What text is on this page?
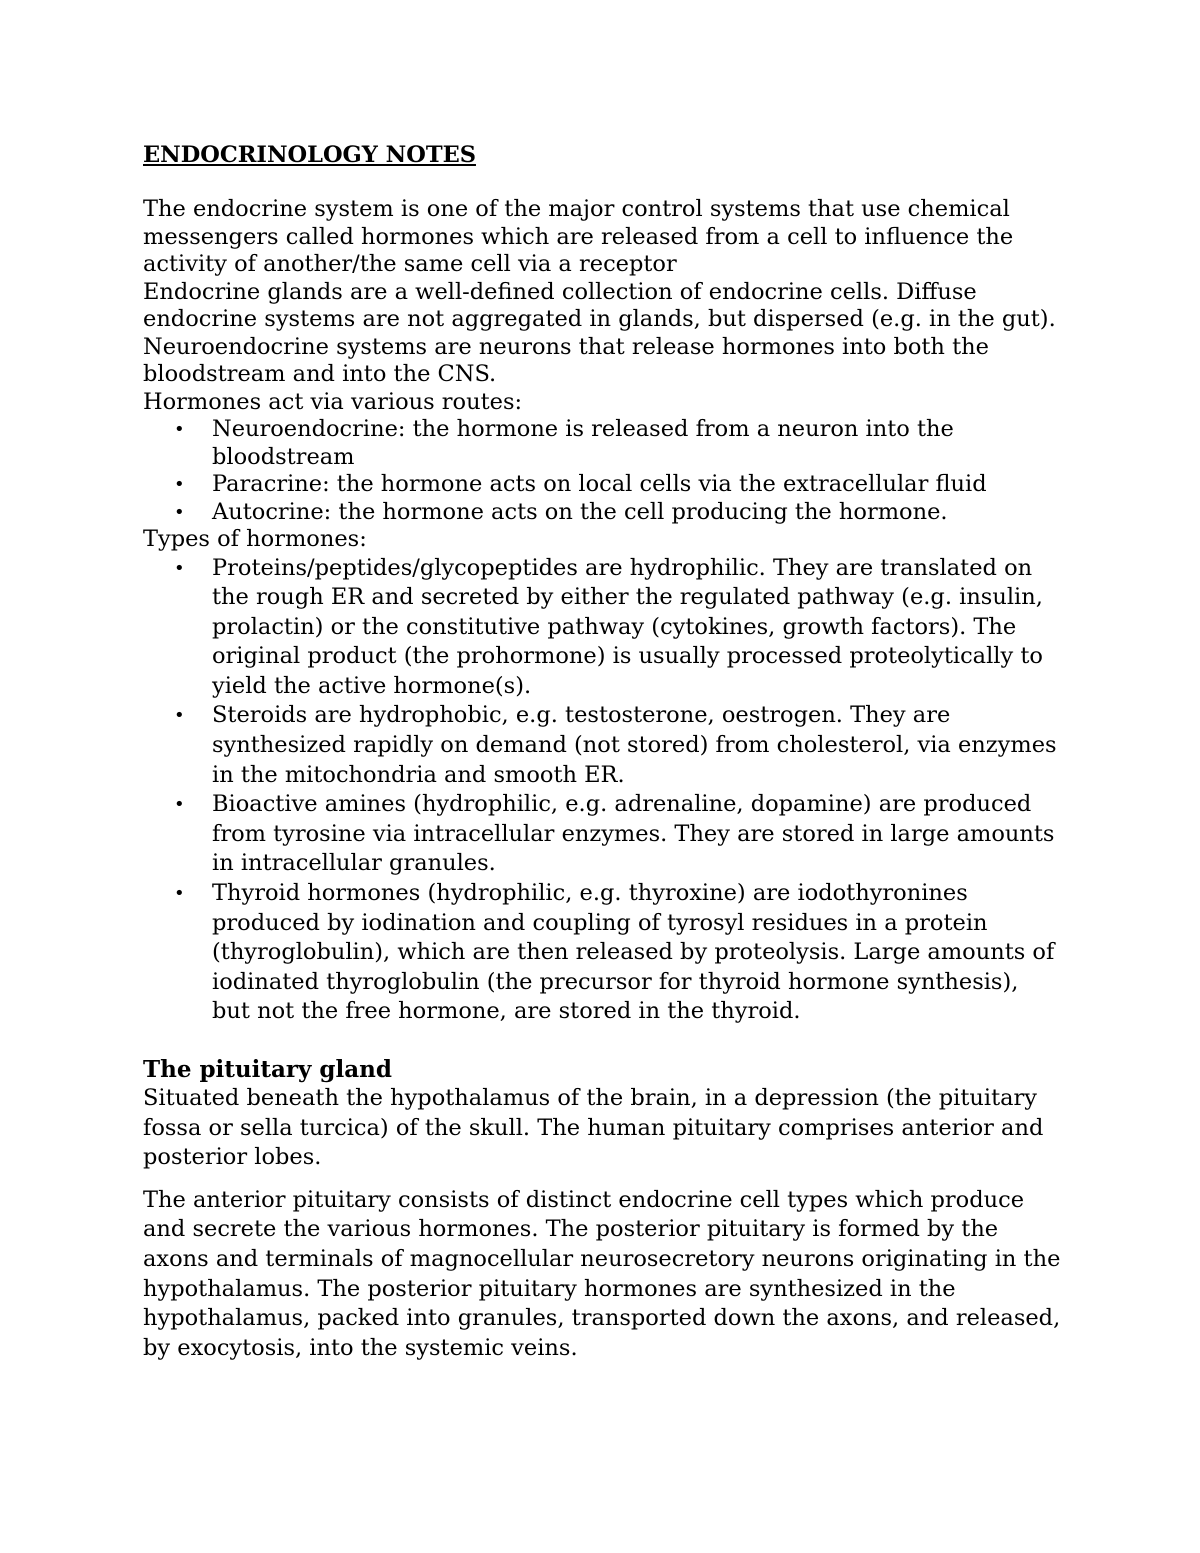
ENDOCRINOLOGY NOTES

The endocrine system is one of the major control systems that use chemical messengers called hormones which are released from a cell to influence the activity of another/the same cell via a receptor

Endocrine glands are a well-defined collection of endocrine cells. Diffuse endocrine systems are not aggregated in glands, but dispersed (e.g. in the gut). Neuroendocrine systems are neurons that release hormones into both the bloodstream and into the CNS.

Hormones act via various routes:

•	Neuroendocrine: the hormone is released from a neuron into the bloodstream
•	Paracrine: the hormone acts on local cells via the extracellular fluid
•	Autocrine: the hormone acts on the cell producing the hormone.

Types of hormones:

•	Proteins/peptides/glycopeptides are hydrophilic. They are translated on the rough ER and secreted by either the regulated pathway (e.g. insulin, prolactin) or the constitutive pathway (cytokines, growth factors). The original product (the prohormone) is usually processed proteolytically to yield the active hormone(s).
•	Steroids are hydrophobic, e.g. testosterone, oestrogen. They are synthesized rapidly on demand (not stored) from cholesterol, via enzymes in the mitochondria and smooth ER.
•	Bioactive amines (hydrophilic, e.g. adrenaline, dopamine) are produced from tyrosine via intracellular enzymes. They are stored in large amounts in intracellular granules.
•	Thyroid hormones (hydrophilic, e.g. thyroxine) are iodothyronines produced by iodination and coupling of tyrosyl residues in a protein (thyroglobulin), which are then released by proteolysis. Large amounts of iodinated thyroglobulin (the precursor for thyroid hormone synthesis), but not the free hormone, are stored in the thyroid.
The pituitary gland

Situated beneath the hypothalamus of the brain, in a depression (the pituitary fossa or sella turcica) of the skull. The human pituitary comprises anterior and posterior lobes.

The anterior pituitary consists of distinct endocrine cell types which produce and secrete the various hormones. The posterior pituitary is formed by the axons and terminals of magnocellular neurosecretory neurons originating in the hypothalamus. The posterior pituitary hormones are synthesized in the hypothalamus, packed into granules, transported down the axons, and released, by exocytosis, into the systemic veins.
